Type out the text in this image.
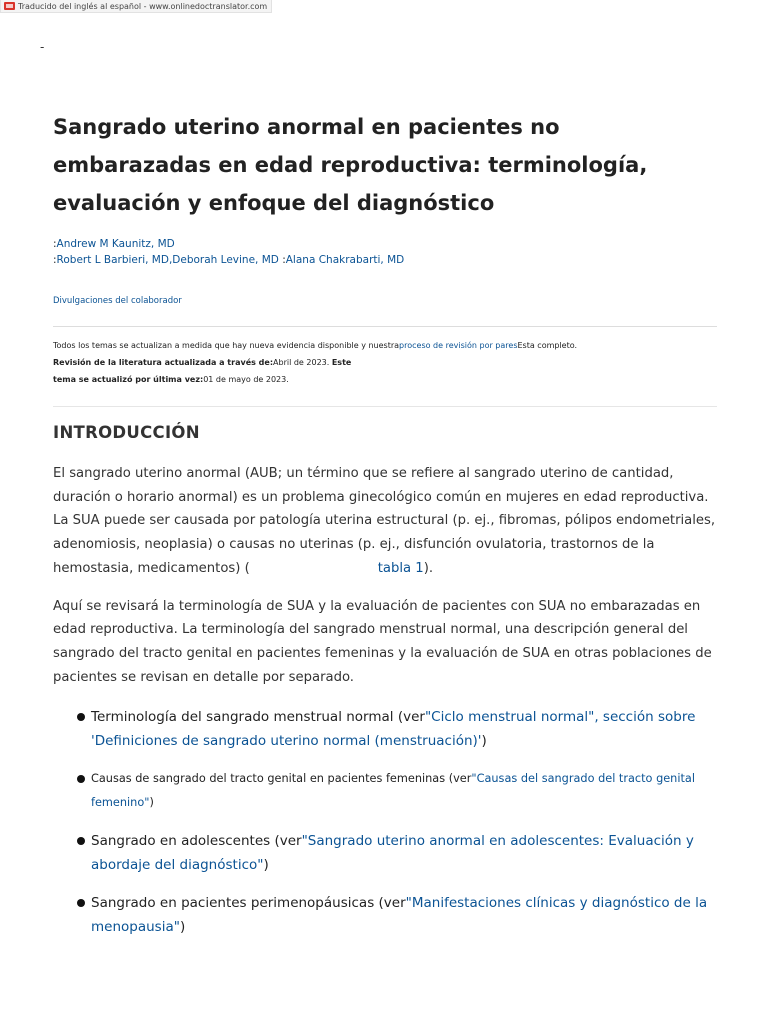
Traducido del inglés al español - www.onlinedoctranslator.com
-
Sangrado uterino anormal en pacientes no embarazadas en edad reproductiva: terminología, evaluación y enfoque del diagnóstico
:Andrew M Kaunitz, MD
:Robert L Barbieri, MD,Deborah Levine, MD :Alana Chakrabarti, MD
Divulgaciones del colaborador
Todos los temas se actualizan a medida que hay nueva evidencia disponible y nuestraproceso de revisión por paresEsta completo.
Revisión de la literatura actualizada a través de:Abril de 2023. Este
tema se actualizó por última vez:01 de mayo de 2023.
INTRODUCCIÓN

El sangrado uterino anormal (AUB; un término que se refiere al sangrado uterino de cantidad, duración o horario anormal) es un problema ginecológico común en mujeres en edad reproductiva. La SUA puede ser causada por patología uterina estructural (p. ej., fibromas, pólipos endometriales, adenomiosis, neoplasia) o causas no uterinas (p. ej., disfunción ovulatoria, trastornos de la hemostasia, medicamentos) (	tabla 1).

Aquí se revisará la terminología de SUA y la evaluación de pacientes con SUA no embarazadas en edad reproductiva. La terminología del sangrado menstrual normal, una descripción general del sangrado del tracto genital en pacientes femeninas y la evaluación de SUA en otras poblaciones de pacientes se revisan en detalle por separado.

Terminología del sangrado menstrual normal (ver"Ciclo menstrual normal", sección sobre 'Definiciones de sangrado uterino normal (menstruación)')
Causas de sangrado del tracto genital en pacientes femeninas (ver"Causas del sangrado del tracto genital femenino")
Sangrado en adolescentes (ver"Sangrado uterino anormal en adolescentes: Evaluación y abordaje del diagnóstico")
Sangrado en pacientes perimenopáusicas (ver"Manifestaciones clínicas y diagnóstico de la menopausia")
